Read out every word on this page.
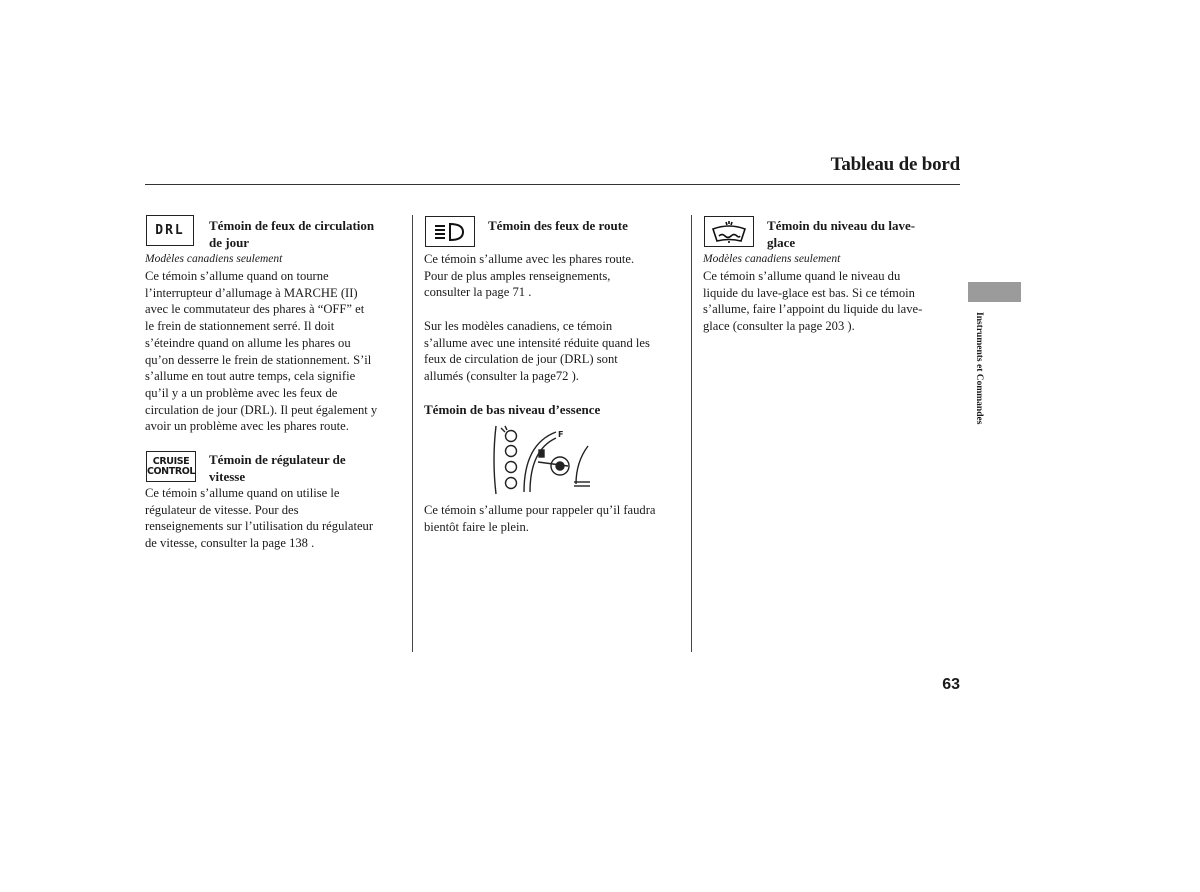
Tableau de bord
DRL Témoin de feux de circulation

de jour

Modèles canadiens seulement

Ce témoin s’allume quand on tourne

l’interrupteur d’allumage à MARCHE (II)

avec le commutateur des phares à “OFF” et

le frein de stationnement serré. Il doit

s’éteindre quand on allume les phares ou

qu’on desserre le frein de stationnement. S’il

s’allume en tout autre temps, cela signifie

qu’il y a un problème avec les feux de

circulation de jour (DRL). Il peut également y

avoir un problème avec les phares route.

CRUISE
CONTROL

Témoin de régulateur de

vitesse

Ce témoin s’allume quand on utilise le

régulateur de vitesse. Pour des

renseignements sur l’utilisation du régulateur

de vitesse, consulter la page 138 .

Témoin des feux de route

Ce témoin s’allume avec les phares route.

Pour de plus amples renseignements,

consulter la page 71 .

Sur les modèles canadiens, ce témoin

s’allume avec une intensité réduite quand les

feux de circulation de jour (DRL) sont

allumés (consulter la page72 ).

Témoin de bas niveau d’essence
F

Ce témoin s’allume pour rappeler qu’il faudra

bientôt faire le plein.

Témoin du niveau du lave-

glace

Modèles canadiens seulement

Ce témoin s’allume quand le niveau du

liquide du lave-glace est bas. Si ce témoin

s’allume, faire l’appoint du liquide du lave-

glace (consulter la page 203 ).	Instruments et Commandes
63
